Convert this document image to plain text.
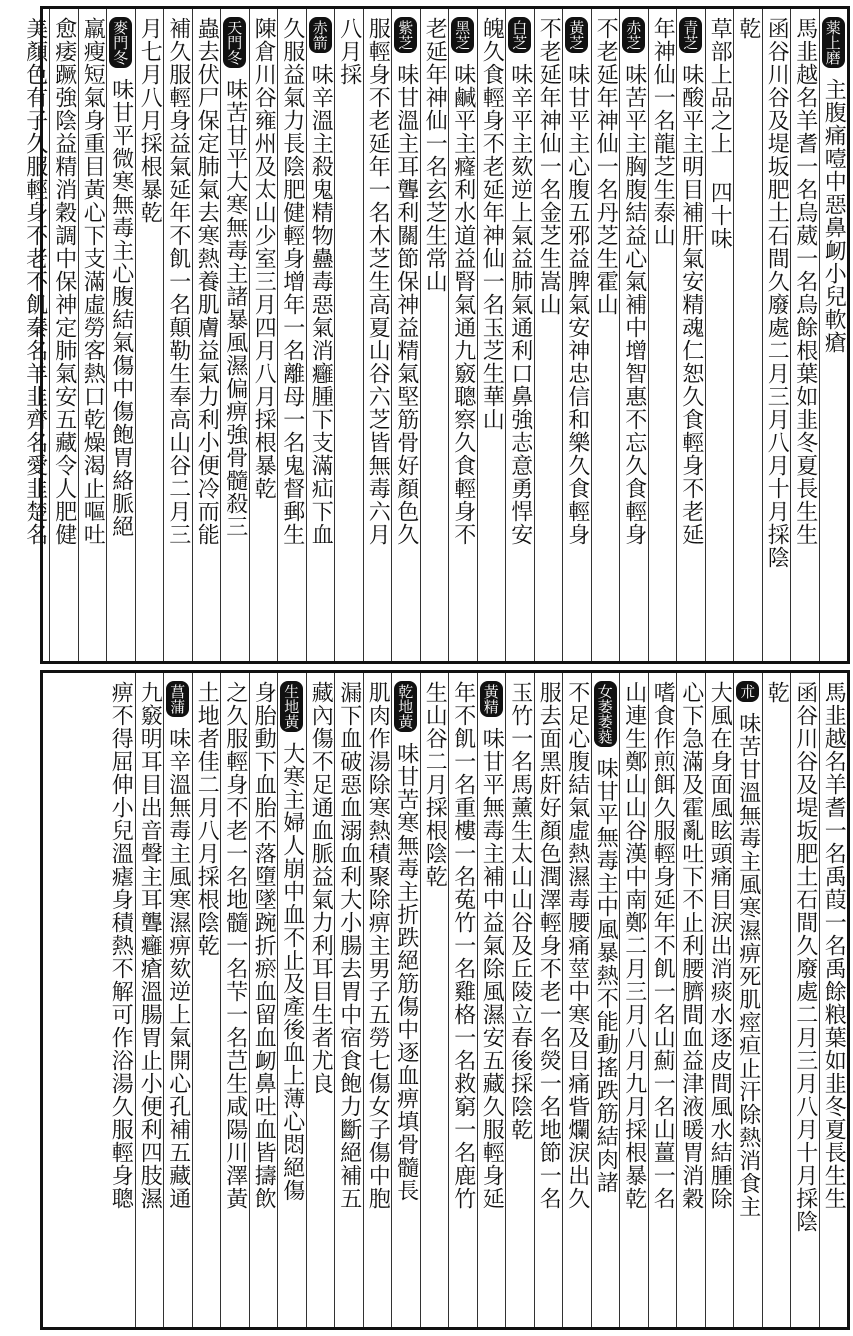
薬上磨
主腹痛噎中惡鼻衂小兒軟瘡
馬韭越名羊耆一名烏葳一名烏餘根葉如韭冬夏長生生
函谷川谷及堤坂肥土石間久廢處二月三月八月十月採陰
乾
草部上品之上 四十味
青芝
味酸平主明目補肝氣安精魂仁恕久食輕身不老延
年神仙一名龍芝生泰山
赤芝
味苦平主胸腹結益心氣補中增智惠不忘久食輕身
不老延年神仙一名丹芝生霍山
黃芝
味甘平主心腹五邪益脾氣安神忠信和樂久食輕身
不老延年神仙一名金芝生嵩山
白芝
味辛平主欬逆上氣益肺氣通利口鼻強志意勇悍安
魄久食輕身不老延年神仙一名玉芝生華山
黑芝
味鹹平主癃利水道益腎氣通九竅聰察久食輕身不
老延年神仙一名玄芝生常山
紫芝
味甘溫主耳聾利關節保神益精氣堅筋骨好顏色久
服輕身不老延年一名木芝生高夏山谷六芝皆無毒六月
八月採
赤箭
味辛溫主殺鬼精物蠱毒惡氣消癰腫下支滿疝下血
久服益氣力長陰肥健輕身增年一名離母一名鬼督郵生
陳倉川谷雍州及太山少室三月四月八月採根暴乾
天門冬
味苦甘平大寒無毒主諸暴風濕偏痹強骨髓殺三
蟲去伏尸保定肺氣去寒熱養肌膚益氣力利小便冷而能
補久服輕身益氣延年不飢一名顛勒生奉高山谷二月三
月七月八月採根暴乾
麥門冬
味甘平微寒無毒主心腹結氣傷中傷飽胃絡脈絕
羸瘦短氣身重目黃心下支滿虛勞客熱口乾燥渴止嘔吐
愈痿蹶強陰益精消穀調中保神定肺氣安五藏令人肥健
美顏色有子久服輕身不老不飢秦名羊韭齊名愛韭楚名
馬韭越名羊耆一名禹葭一名禹餘粮葉如韭冬夏長生生
函谷川谷及堤坂肥土石間久廢處二月三月八月十月採陰
乾
朮
味苦甘溫無毒主風寒濕痹死肌痙疸止汗除熱消食主
大風在身面風眩頭痛目淚出消痰水逐皮間風水結腫除
心下急滿及霍亂吐下不止利腰臍間血益津液暖胃消穀
嗜食作煎餌久服輕身延年不飢一名山薊一名山薑一名
山連生鄭山山谷漢中南鄭二月三月八月九月採根暴乾
女萎萎蕤
味甘平無毒主中風暴熱不能動搖跌筋結肉諸
不足心腹結氣虛熱濕毒腰痛莖中寒及目痛眥爛淚出久
服去面黑皯好顏色潤澤輕身不老一名熒一名地節一名
玉竹一名馬薰生太山山谷及丘陵立春後採陰乾
黃精
味甘平無毒主補中益氣除風濕安五藏久服輕身延
年不飢一名重樓一名菟竹一名雞格一名救窮一名鹿竹
生山谷二月採根陰乾
乾地黃
味甘苦寒無毒主折跌絕筋傷中逐血痹填骨髓長
肌肉作湯除寒熱積聚除痹主男子五勞七傷女子傷中胞
漏下血破惡血溺血利大小腸去胃中宿食飽力斷絕補五
藏內傷不足通血脈益氣力利耳目生者尤良
生地黃
大寒主婦人崩中血不止及產後血上薄心悶絕傷
身胎動下血胎不落墮墜踠折瘀血留血衂鼻吐血皆擣飲
之久服輕身不老一名地髓一名芐一名芑生咸陽川澤黃
土地者佳二月八月採根陰乾
菖蒲
味辛溫無毒主風寒濕痹欬逆上氣開心孔補五藏通
九竅明耳目出音聲主耳聾癰瘡溫腸胃止小便利四肢濕
痹不得屈伸小兒溫瘧身積熱不解可作浴湯久服輕身聰
